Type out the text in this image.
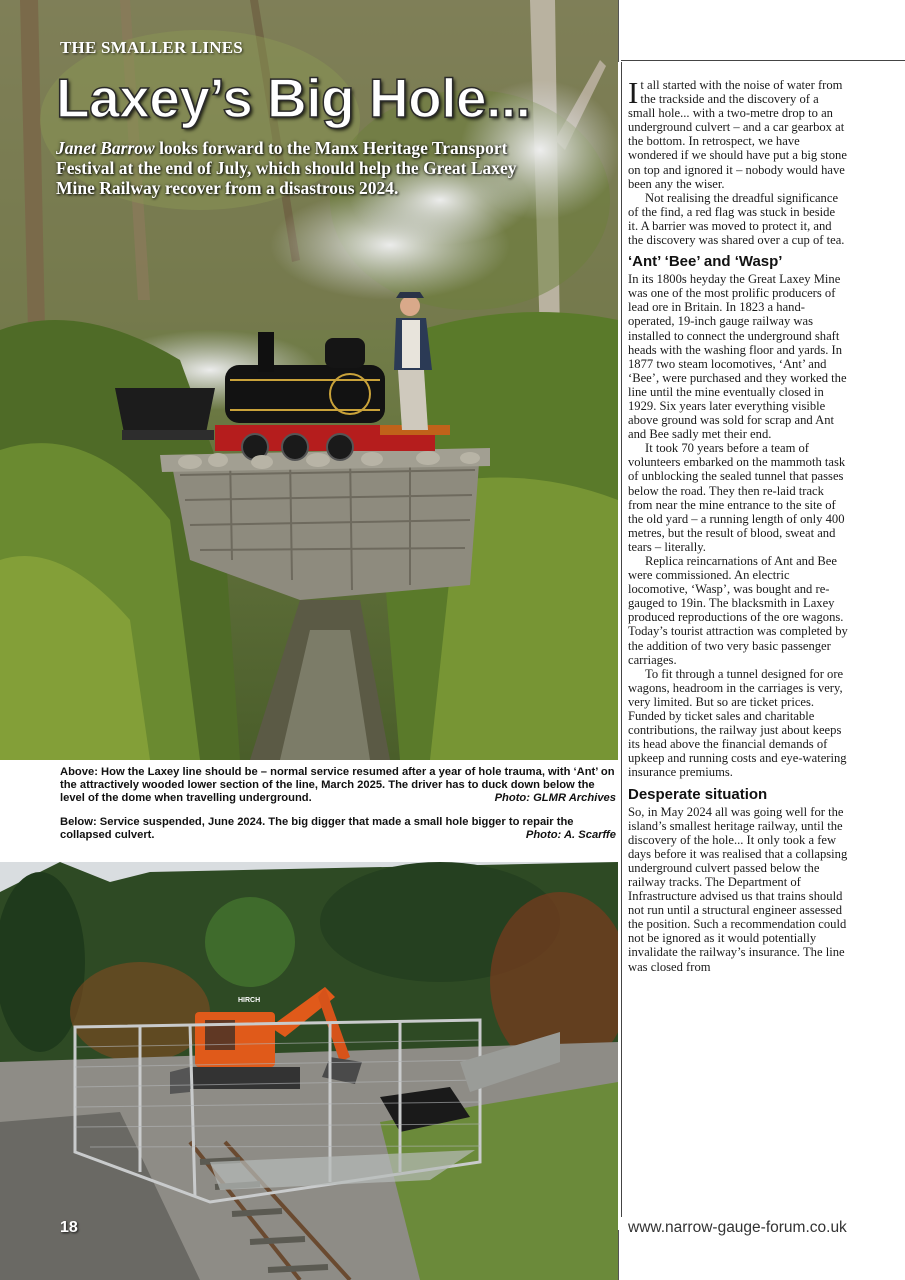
THE SMALLER LINES
Laxey’s Big Hole...

Janet Barrow looks forward to the Manx Heritage Transport Festival at the end of July, which should help the Great Laxey Mine Railway recover from a disastrous 2024.

Above: How the Laxey line should be – normal service resumed after a year of hole trauma, with ‘Ant’ on the attractively wooded lower section of the line, March 2025. The driver has to duck down below the level of the dome when travelling underground.	Photo: GLMR Archives

Below: Service suspended, June 2024. The big digger that made a small hole bigger to repair the collapsed culvert.	Photo: A. Scarffe

HIRCH

It all started with the noise of water from the trackside and the discovery of a small hole... with a two-metre drop to an underground culvert – and a car gearbox at the bottom. In retrospect, we have wondered if we should have put a big stone on top and ignored it – nobody would have been any the wiser.

Not realising the dreadful significance of the find, a red flag was stuck in beside it. A barrier was moved to protect it, and the discovery was shared over a cup of tea.

‘Ant’ ‘Bee’ and ‘Wasp’

In its 1800s heyday the Great Laxey Mine was one of the most prolific producers of lead ore in Britain. In 1823 a hand-operated, 19-inch gauge railway was installed to connect the underground shaft heads with the washing floor and yards. In 1877 two steam locomotives, ‘Ant’ and ‘Bee’, were purchased and they worked the line until the mine eventually closed in 1929. Six years later everything visible above ground was sold for scrap and Ant and Bee sadly met their end.

It took 70 years before a team of volunteers embarked on the mammoth task of unblocking the sealed tunnel that passes below the road. They then re-laid track from near the mine entrance to the site of the old yard – a running length of only 400 metres, but the result of blood, sweat and tears – literally.

Replica reincarnations of Ant and Bee were commissioned. An electric locomotive, ‘Wasp’, was bought and re-gauged to 19in. The blacksmith in Laxey produced reproductions of the ore wagons. Today’s tourist attraction was completed by the addition of two very basic passenger carriages.

To fit through a tunnel designed for ore wagons, headroom in the carriages is very, very limited. But so are ticket prices. Funded by ticket sales and charitable contributions, the railway just about keeps its head above the financial demands of upkeep and running costs and eye-watering insurance premiums.

Desperate situation

So, in May 2024 all was going well for the island’s smallest heritage railway, until the discovery of the hole... It only took a few days before it was realised that a collapsing underground culvert passed below the railway tracks. The Department of Infrastructure advised us that trains should not run until a structural engineer assessed the position. Such a recommendation could not be ignored as it would potentially invalidate the railway’s insurance. The line was closed from

18	www.narrow-gauge-forum.co.uk
